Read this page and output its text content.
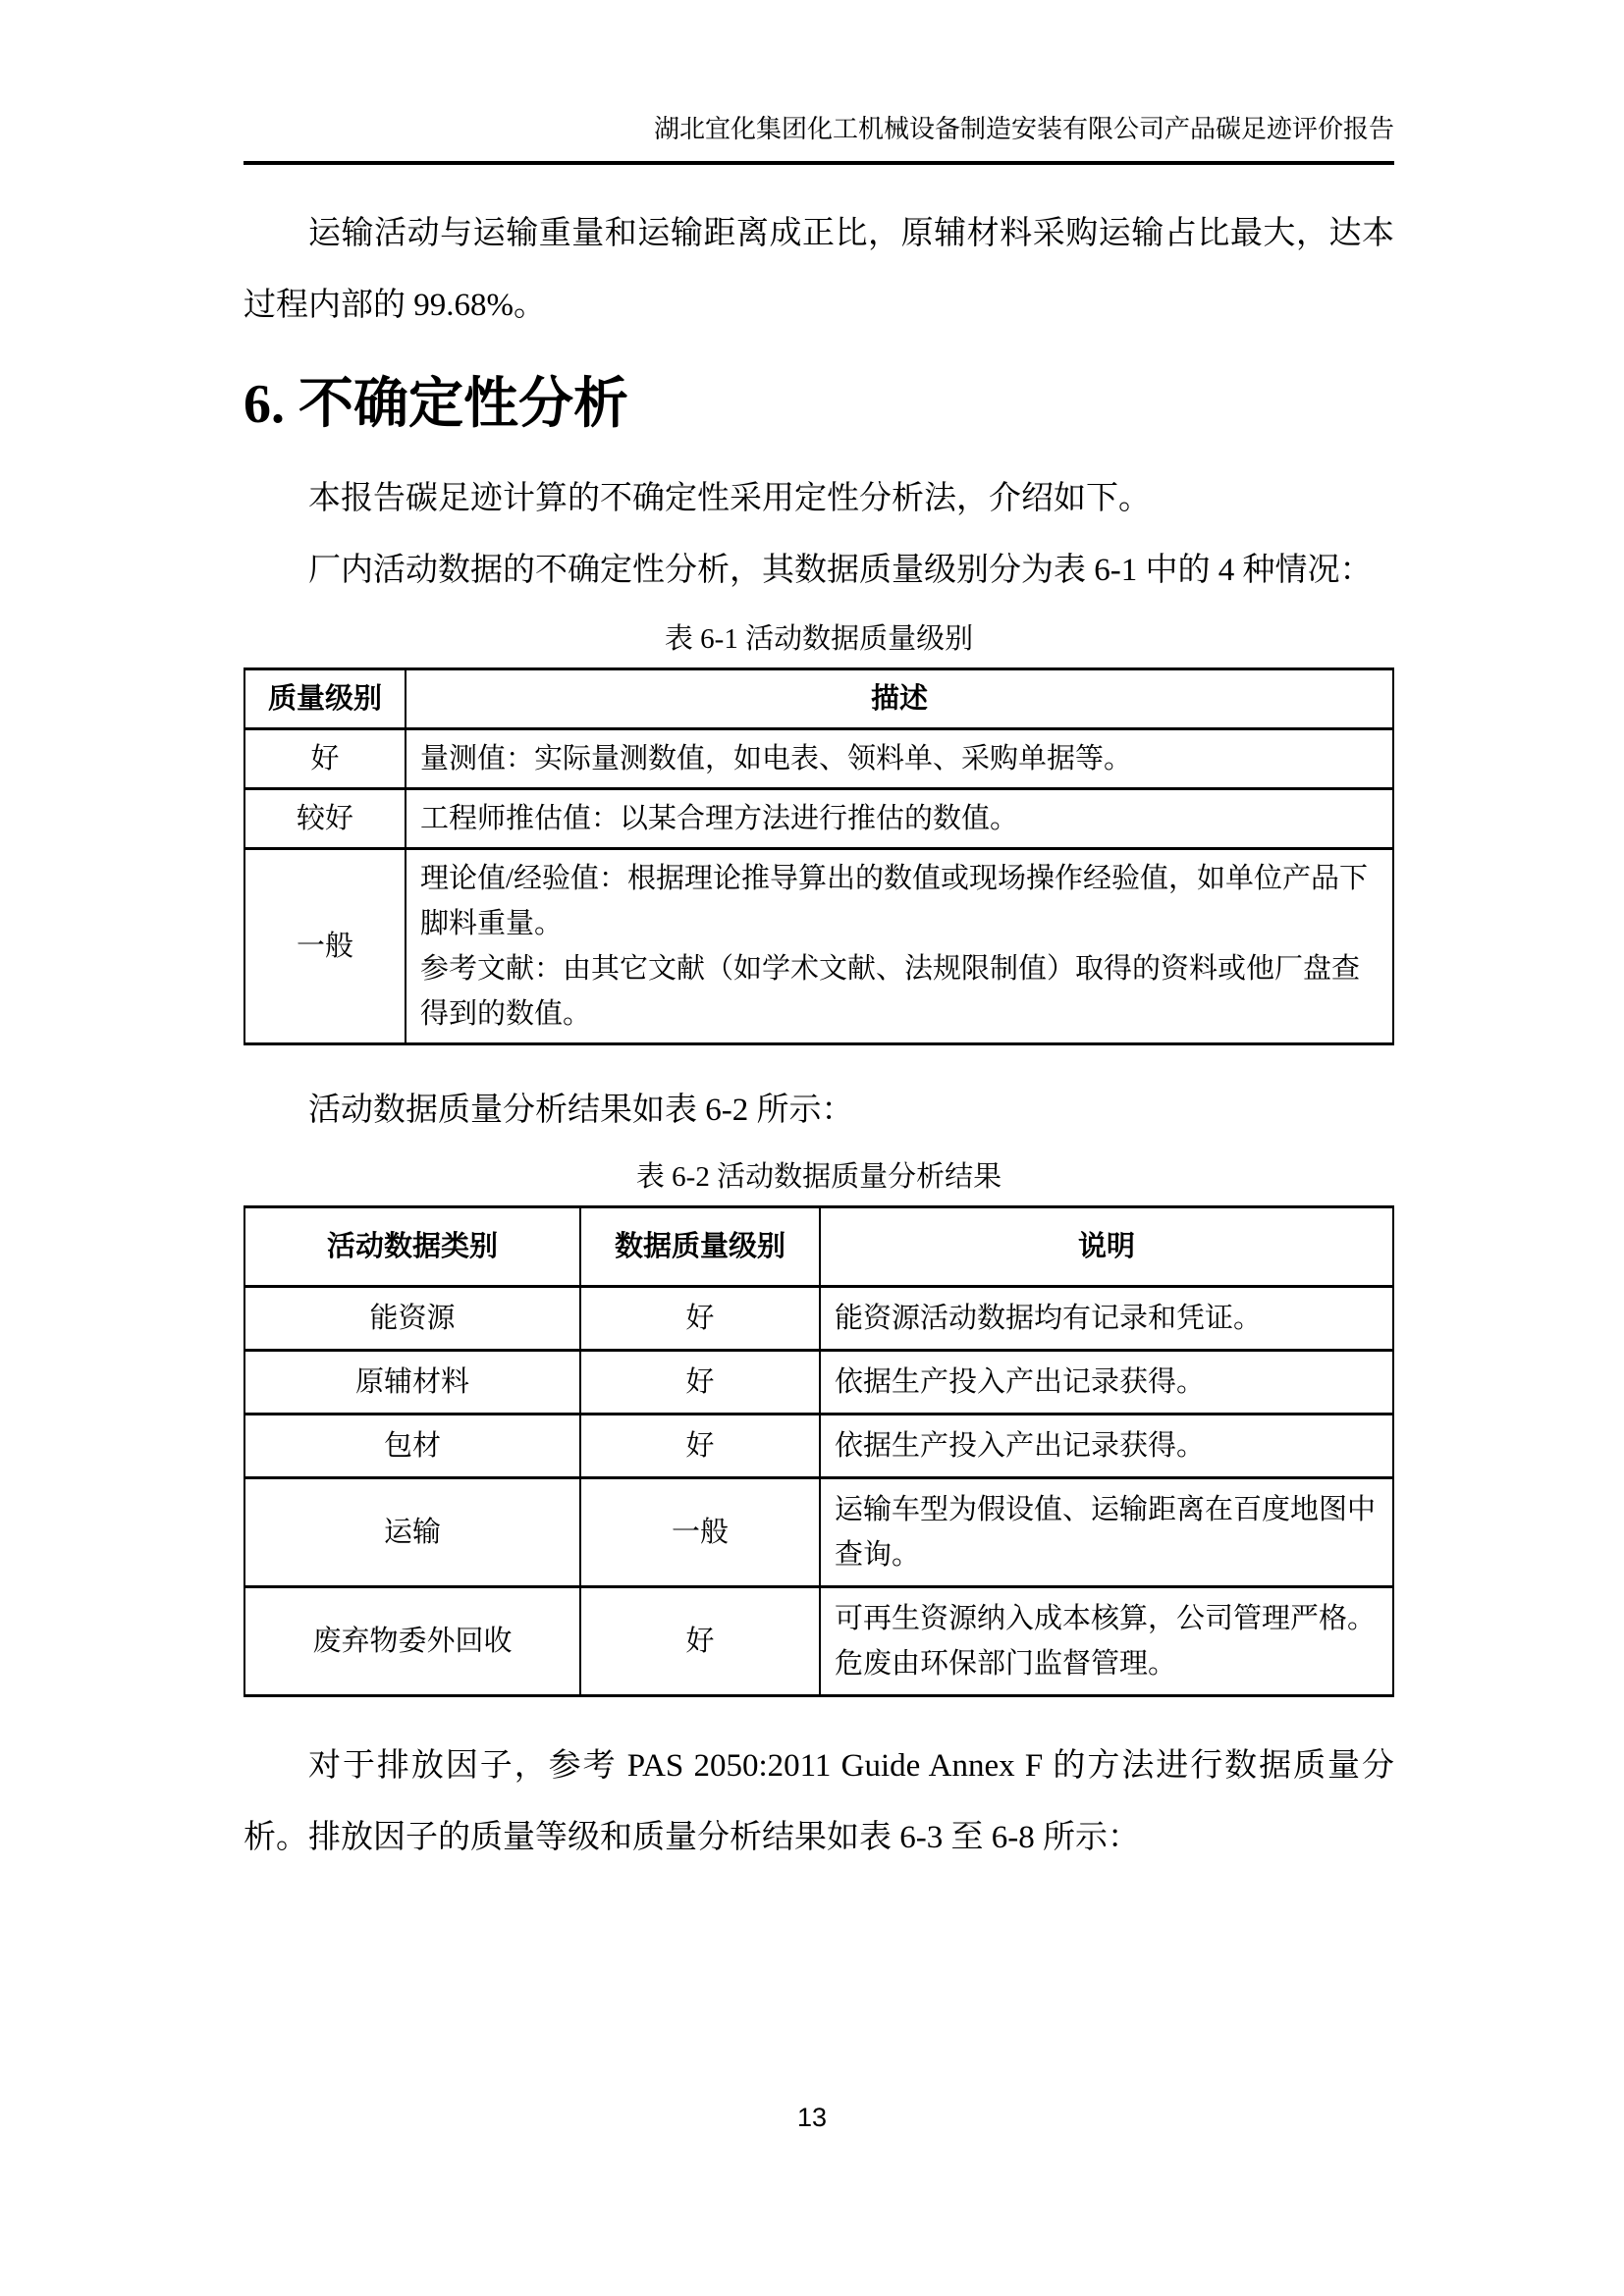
湖北宜化集团化工机械设备制造安装有限公司产品碳足迹评价报告

运输活动与运输重量和运输距离成正比，原辅材料采购运输占比最大，达本过程内部的 99.68%。

6. 不确定性分析

本报告碳足迹计算的不确定性采用定性分析法，介绍如下。

厂内活动数据的不确定性分析，其数据质量级别分为表 6-1 中的 4 种情况：

表 6-1 活动数据质量级别
质量级别	描述
好	量测值：实际量测数值，如电表、领料单、采购单据等。
较好	工程师推估值：以某合理方法进行推估的数值。
一般	理论值/经验值：根据理论推导算出的数值或现场操作经验值，如单位产品下脚料重量。
参考文献：由其它文献（如学术文献、法规限制值）取得的资料或他厂盘查得到的数值。

活动数据质量分析结果如表 6-2 所示：

表 6-2 活动数据质量分析结果
活动数据类别	数据质量级别	说明
能资源	好	能资源活动数据均有记录和凭证。
原辅材料	好	依据生产投入产出记录获得。
包材	好	依据生产投入产出记录获得。
运输	一般	运输车型为假设值、运输距离在百度地图中查询。
废弃物委外回收	好	可再生资源纳入成本核算，公司管理严格。危废由环保部门监督管理。

对于排放因子，参考 PAS 2050:2011 Guide Annex F 的方法进行数据质量分析。排放因子的质量等级和质量分析结果如表 6-3 至 6-8 所示：

13
